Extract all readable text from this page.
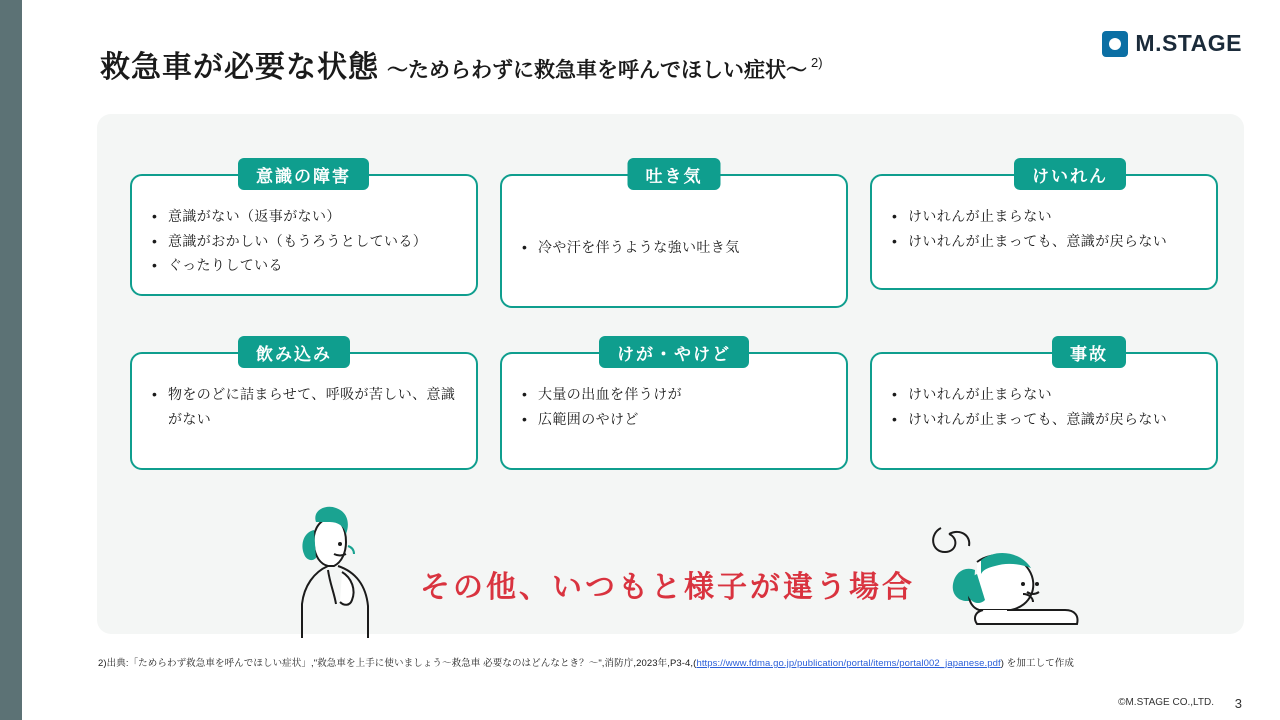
M.STAGE
救急車が必要な状態 〜ためらわずに救急車を呼んでほしい症状〜 2)
意識の障害
• 意識がない（返事がない）
• 意識がおかしい（もうろうとしている）
• ぐったりしている
吐き気
• 冷や汗を伴うような強い吐き気
けいれん
• けいれんが止まらない
• けいれんが止まっても、意識が戻らない
飲み込み
• 物をのどに詰まらせて、呼吸が苦しい、意識がない
けが・やけど
• 大量の出血を伴うけが
• 広範囲のやけど
事故
• けいれんが止まらない
• けいれんが止まっても、意識が戻らない
その他、いつもと様子が違う場合
2)出典:「ためらわず救急車を呼んでほしい症状」,"救急車を上手に使いましょう〜救急車 必要なのはどんなとき？〜",消防庁,2023年,P3-4,(https://www.fdma.go.jp/publication/portal/items/portal002_japanese.pdf) を加工して作成
©M.STAGE CO.,LTD. 3
